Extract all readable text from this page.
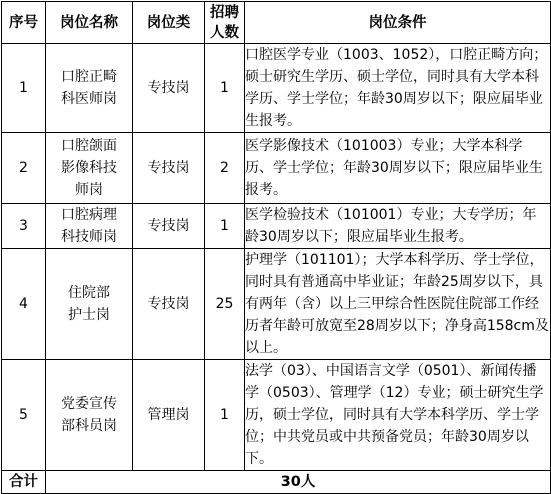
序号	岗位名称	岗位类	招聘人数	岗位条件
1	口腔正畸科医师岗	专技岗	1	口腔医学专业（1003、1052），口腔正畸方向；硕士研究生学历、硕士学位，同时具有大学本科学历、学士学位；年龄30周岁以下；限应届毕业生报考。

2	口腔颌面影像科技师岗	专技岗	2	医学影像技术（101003）专业；大学本科学历、学士学位；年龄30周岁以下；限应届毕业生报考。

3	口腔病理科技师岗	专技岗	1	医学检验技术（101001）专业；大专学历；年龄30周岁以下；限应届毕业生报考。

4	住院部护士岗	专技岗	25	护理学（101101）；大学本科学历、学士学位，同时具有普通高中毕业证；年龄25周岁以下，具有两年（含）以上三甲综合性医院住院部工作经历者年龄可放宽至28周岁以下；净身高158cm及以上。

5	党委宣传部科员岗	管理岗	1	法学（03）、中国语言文学（0501）、新闻传播学（0503）、管理学（12）专业；硕士研究生学历，硕士学位，同时具有大学本科学历、学士学位；中共党员或中共预备党员；年龄30周岁以下。

合计	30人			
